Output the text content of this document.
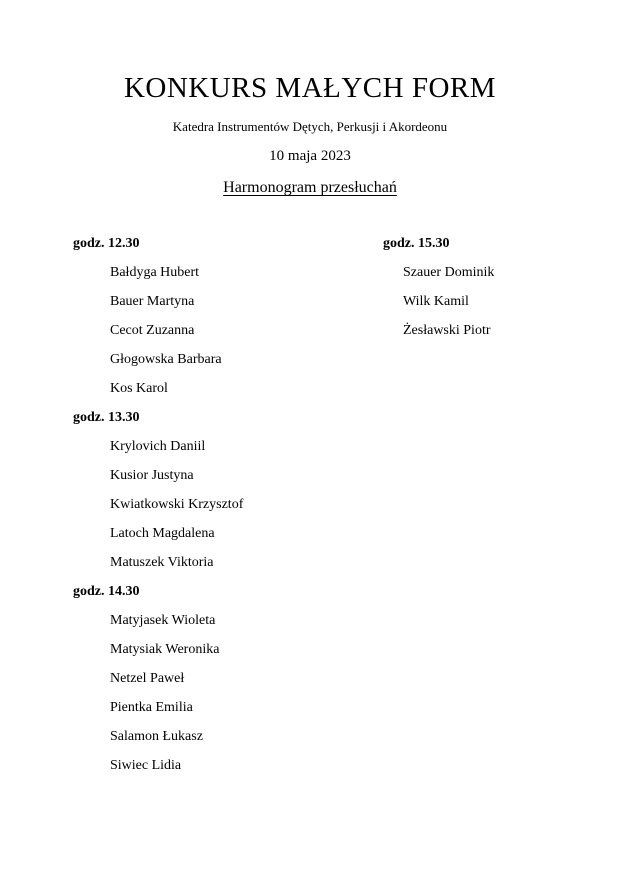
KONKURS MAŁYCH FORM
Katedra Instrumentów Dętych, Perkusji i Akordeonu
10 maja 2023
Harmonogram przesłuchań
godz. 12.30	godz. 15.30
Bałdyga Hubert	Szauer Dominik
Bauer Martyna	Wilk Kamil
Cecot Zuzanna	Żesławski Piotr
Głogowska Barbara
Kos Karol
godz. 13.30
Krylovich Daniil
Kusior Justyna
Kwiatkowski Krzysztof
Latoch Magdalena
Matuszek Viktoria
godz. 14.30
Matyjasek Wioleta
Matysiak Weronika
Netzel Paweł
Pientka Emilia
Salamon Łukasz
Siwiec Lidia
